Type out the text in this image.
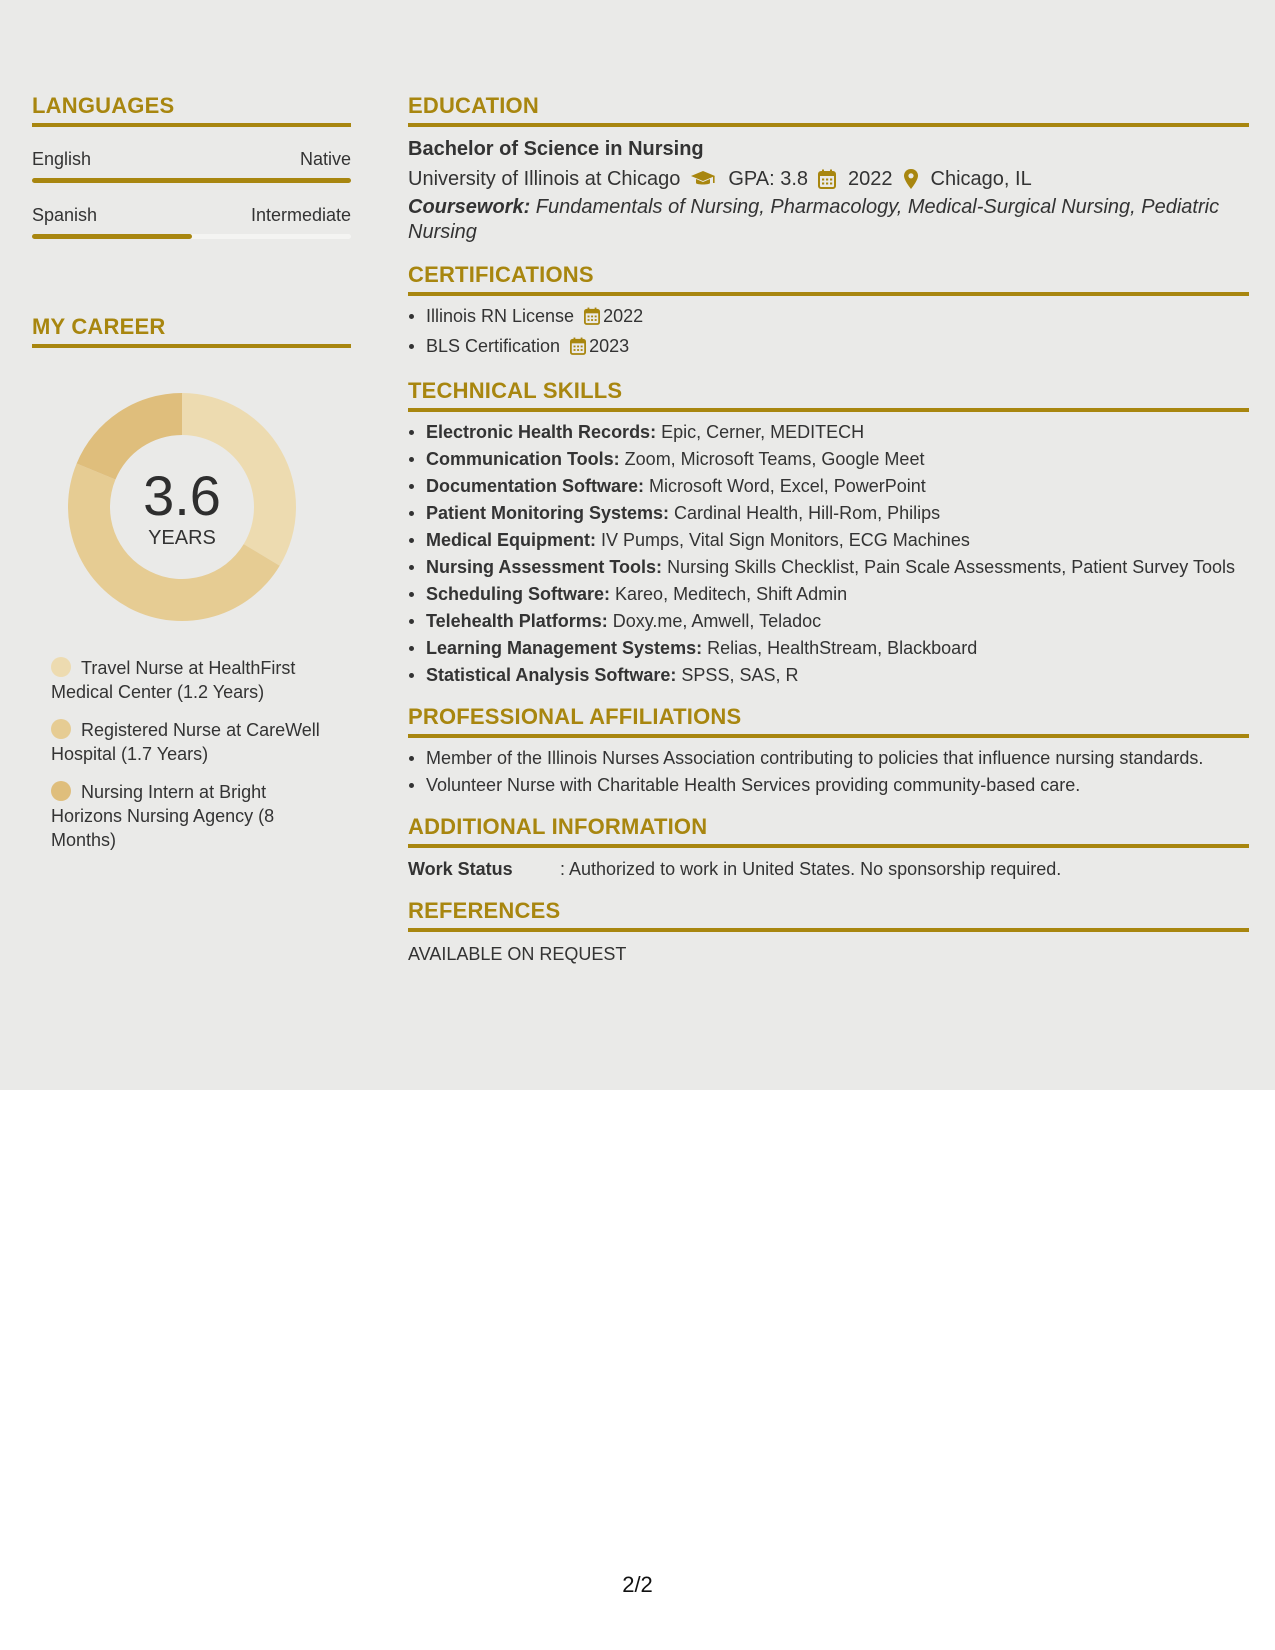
LANGUAGES
English	Native
Spanish	Intermediate
MY CAREER
3.6
YEARS
Travel Nurse at HealthFirst Medical Center (1.2 Years)
Registered Nurse at CareWell Hospital (1.7 Years)
Nursing Intern at Bright Horizons Nursing Agency (8 Months)
EDUCATION
Bachelor of Science in Nursing
University of Illinois at Chicago GPA: 3.8 2022 Chicago, IL
Coursework: Fundamentals of Nursing, Pharmacology, Medical-Surgical Nursing, Pediatric Nursing
CERTIFICATIONS
Illinois RN License 2022
BLS Certification 2023
TECHNICAL SKILLS
Electronic Health Records: Epic, Cerner, MEDITECH
Communication Tools: Zoom, Microsoft Teams, Google Meet
Documentation Software: Microsoft Word, Excel, PowerPoint
Patient Monitoring Systems: Cardinal Health, Hill-Rom, Philips
Medical Equipment: IV Pumps, Vital Sign Monitors, ECG Machines
Nursing Assessment Tools: Nursing Skills Checklist, Pain Scale Assessments, Patient Survey Tools
Scheduling Software: Kareo, Meditech, Shift Admin
Telehealth Platforms: Doxy.me, Amwell, Teladoc
Learning Management Systems: Relias, HealthStream, Blackboard
Statistical Analysis Software: SPSS, SAS, R
PROFESSIONAL AFFILIATIONS
Member of the Illinois Nurses Association contributing to policies that influence nursing standards.
Volunteer Nurse with Charitable Health Services providing community-based care.
ADDITIONAL INFORMATION
Work Status	: Authorized to work in United States. No sponsorship required.
REFERENCES
AVAILABLE ON REQUEST
2/2
